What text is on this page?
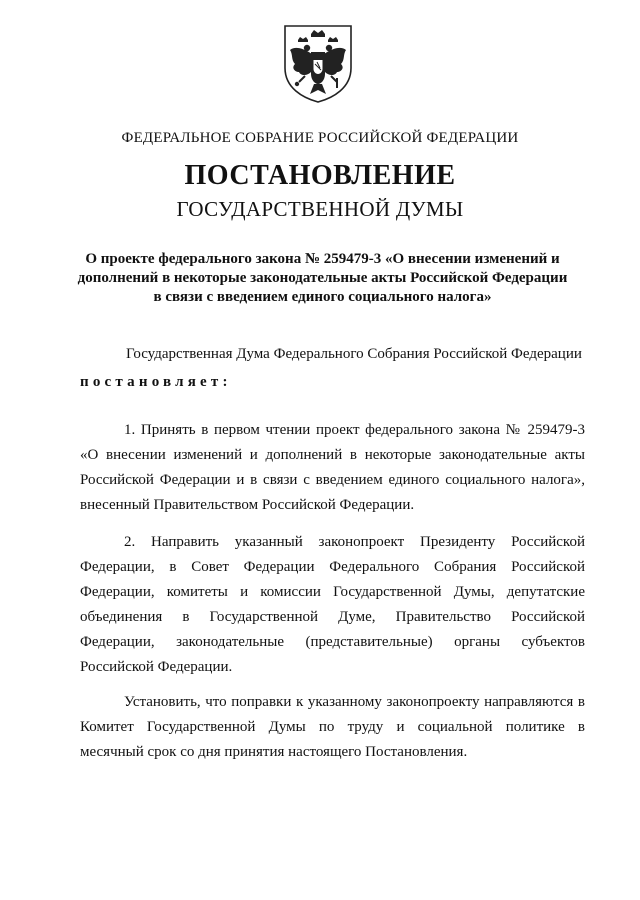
ФЕДЕРАЛЬНОЕ СОБРАНИЕ РОССИЙСКОЙ ФЕДЕРАЦИИ
ПОСТАНОВЛЕНИЕ
ГОСУДАРСТВЕННОЙ ДУМЫ
О проекте федерального закона № 259479-3 «О внесении изменений и
дополнений в некоторые законодательные акты Российской Федерации
в связи с введением единого социального налога»
Государственная Дума Федерального Собрания Российской Федерации
постановляет:
1. Принять в первом чтении проект федерального закона № 259479-3
«О внесении изменений и дополнений в некоторые законодательные акты
Российской Федерации и в связи с введением единого социального налога»,
внесенный Правительством Российской Федерации.
2. Направить указанный законопроект Президенту Российской
Федерации, в Совет Федерации Федерального Собрания Российской
Федерации, комитеты и комиссии Государственной Думы, депутатские
объединения в Государственной Думе, Правительство Российской
Федерации, законодательные (представительные) органы субъектов
Российской Федерации.
Установить, что поправки к указанному законопроекту направляются в
Комитет Государственной Думы по труду и социальной политике в
месячный срок со дня принятия настоящего Постановления.
